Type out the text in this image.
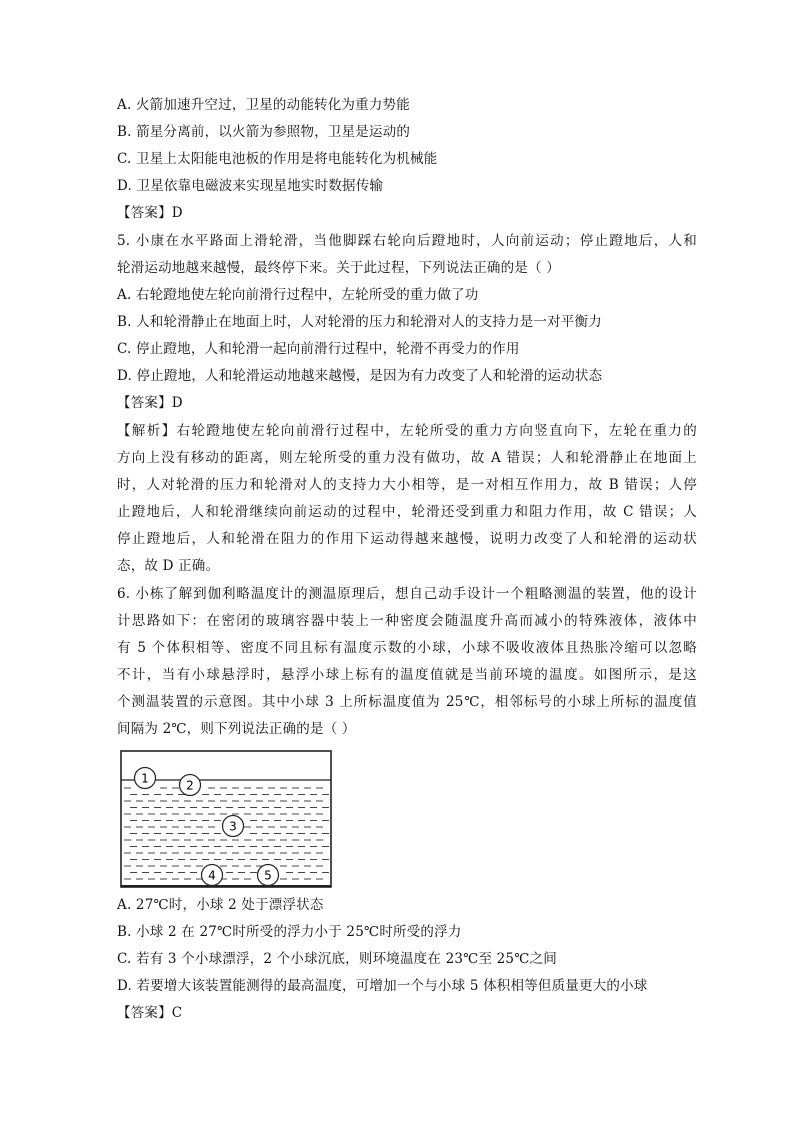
A. 火箭加速升空过，卫星的动能转化为重力势能
B. 箭星分离前，以火箭为参照物，卫星是运动的
C. 卫星上太阳能电池板的作用是将电能转化为机械能
D. 卫星依靠电磁波来实现星地实时数据传输
【答案】D
5. 小康在水平路面上滑轮滑，当他脚踩右轮向后蹬地时，人向前运动；停止蹬地后，人和
轮滑运动地越来越慢，最终停下来。关于此过程，下列说法正确的是（ ）
A. 右轮蹬地使左轮向前滑行过程中，左轮所受的重力做了功
B. 人和轮滑静止在地面上时，人对轮滑的压力和轮滑对人的支持力是一对平衡力
C. 停止蹬地，人和轮滑一起向前滑行过程中，轮滑不再受力的作用
D. 停止蹬地，人和轮滑运动地越来越慢，是因为有力改变了人和轮滑的运动状态
【答案】D
【解析】右轮蹬地使左轮向前滑行过程中，左轮所受的重力方向竖直向下，左轮在重力的
方向上没有移动的距离，则左轮所受的重力没有做功，故 A 错误；人和轮滑静止在地面上
时，人对轮滑的压力和轮滑对人的支持力大小相等，是一对相互作用力，故 B 错误；人停
止蹬地后，人和轮滑继续向前运动的过程中，轮滑还受到重力和阻力作用，故 C 错误；人
停止蹬地后，人和轮滑在阻力的作用下运动得越来越慢，说明力改变了人和轮滑的运动状
态，故 D 正确。
6. 小栋了解到伽利略温度计的测温原理后，想自己动手设计一个粗略测温的装置，他的设计
计思路如下：在密闭的玻璃容器中装上一种密度会随温度升高而减小的特殊液体，液体中
有 5 个体积相等、密度不同且标有温度示数的小球，小球不吸收液体且热胀冷缩可以忽略
不计，当有小球悬浮时，悬浮小球上标有的温度值就是当前环境的温度。如图所示，是这
个测温装置的示意图。其中小球 3 上所标温度值为 25℃，相邻标号的小球上所标的温度值
间隔为 2℃，则下列说法正确的是（ ）
1	2
3
4	5
A. 27℃时，小球 2 处于漂浮状态
B. 小球 2 在 27℃时所受的浮力小于 25℃时所受的浮力
C. 若有 3 个小球漂浮，2 个小球沉底，则环境温度在 23℃至 25℃之间
D. 若要增大该装置能测得的最高温度，可增加一个与小球 5 体积相等但质量更大的小球
【答案】C
